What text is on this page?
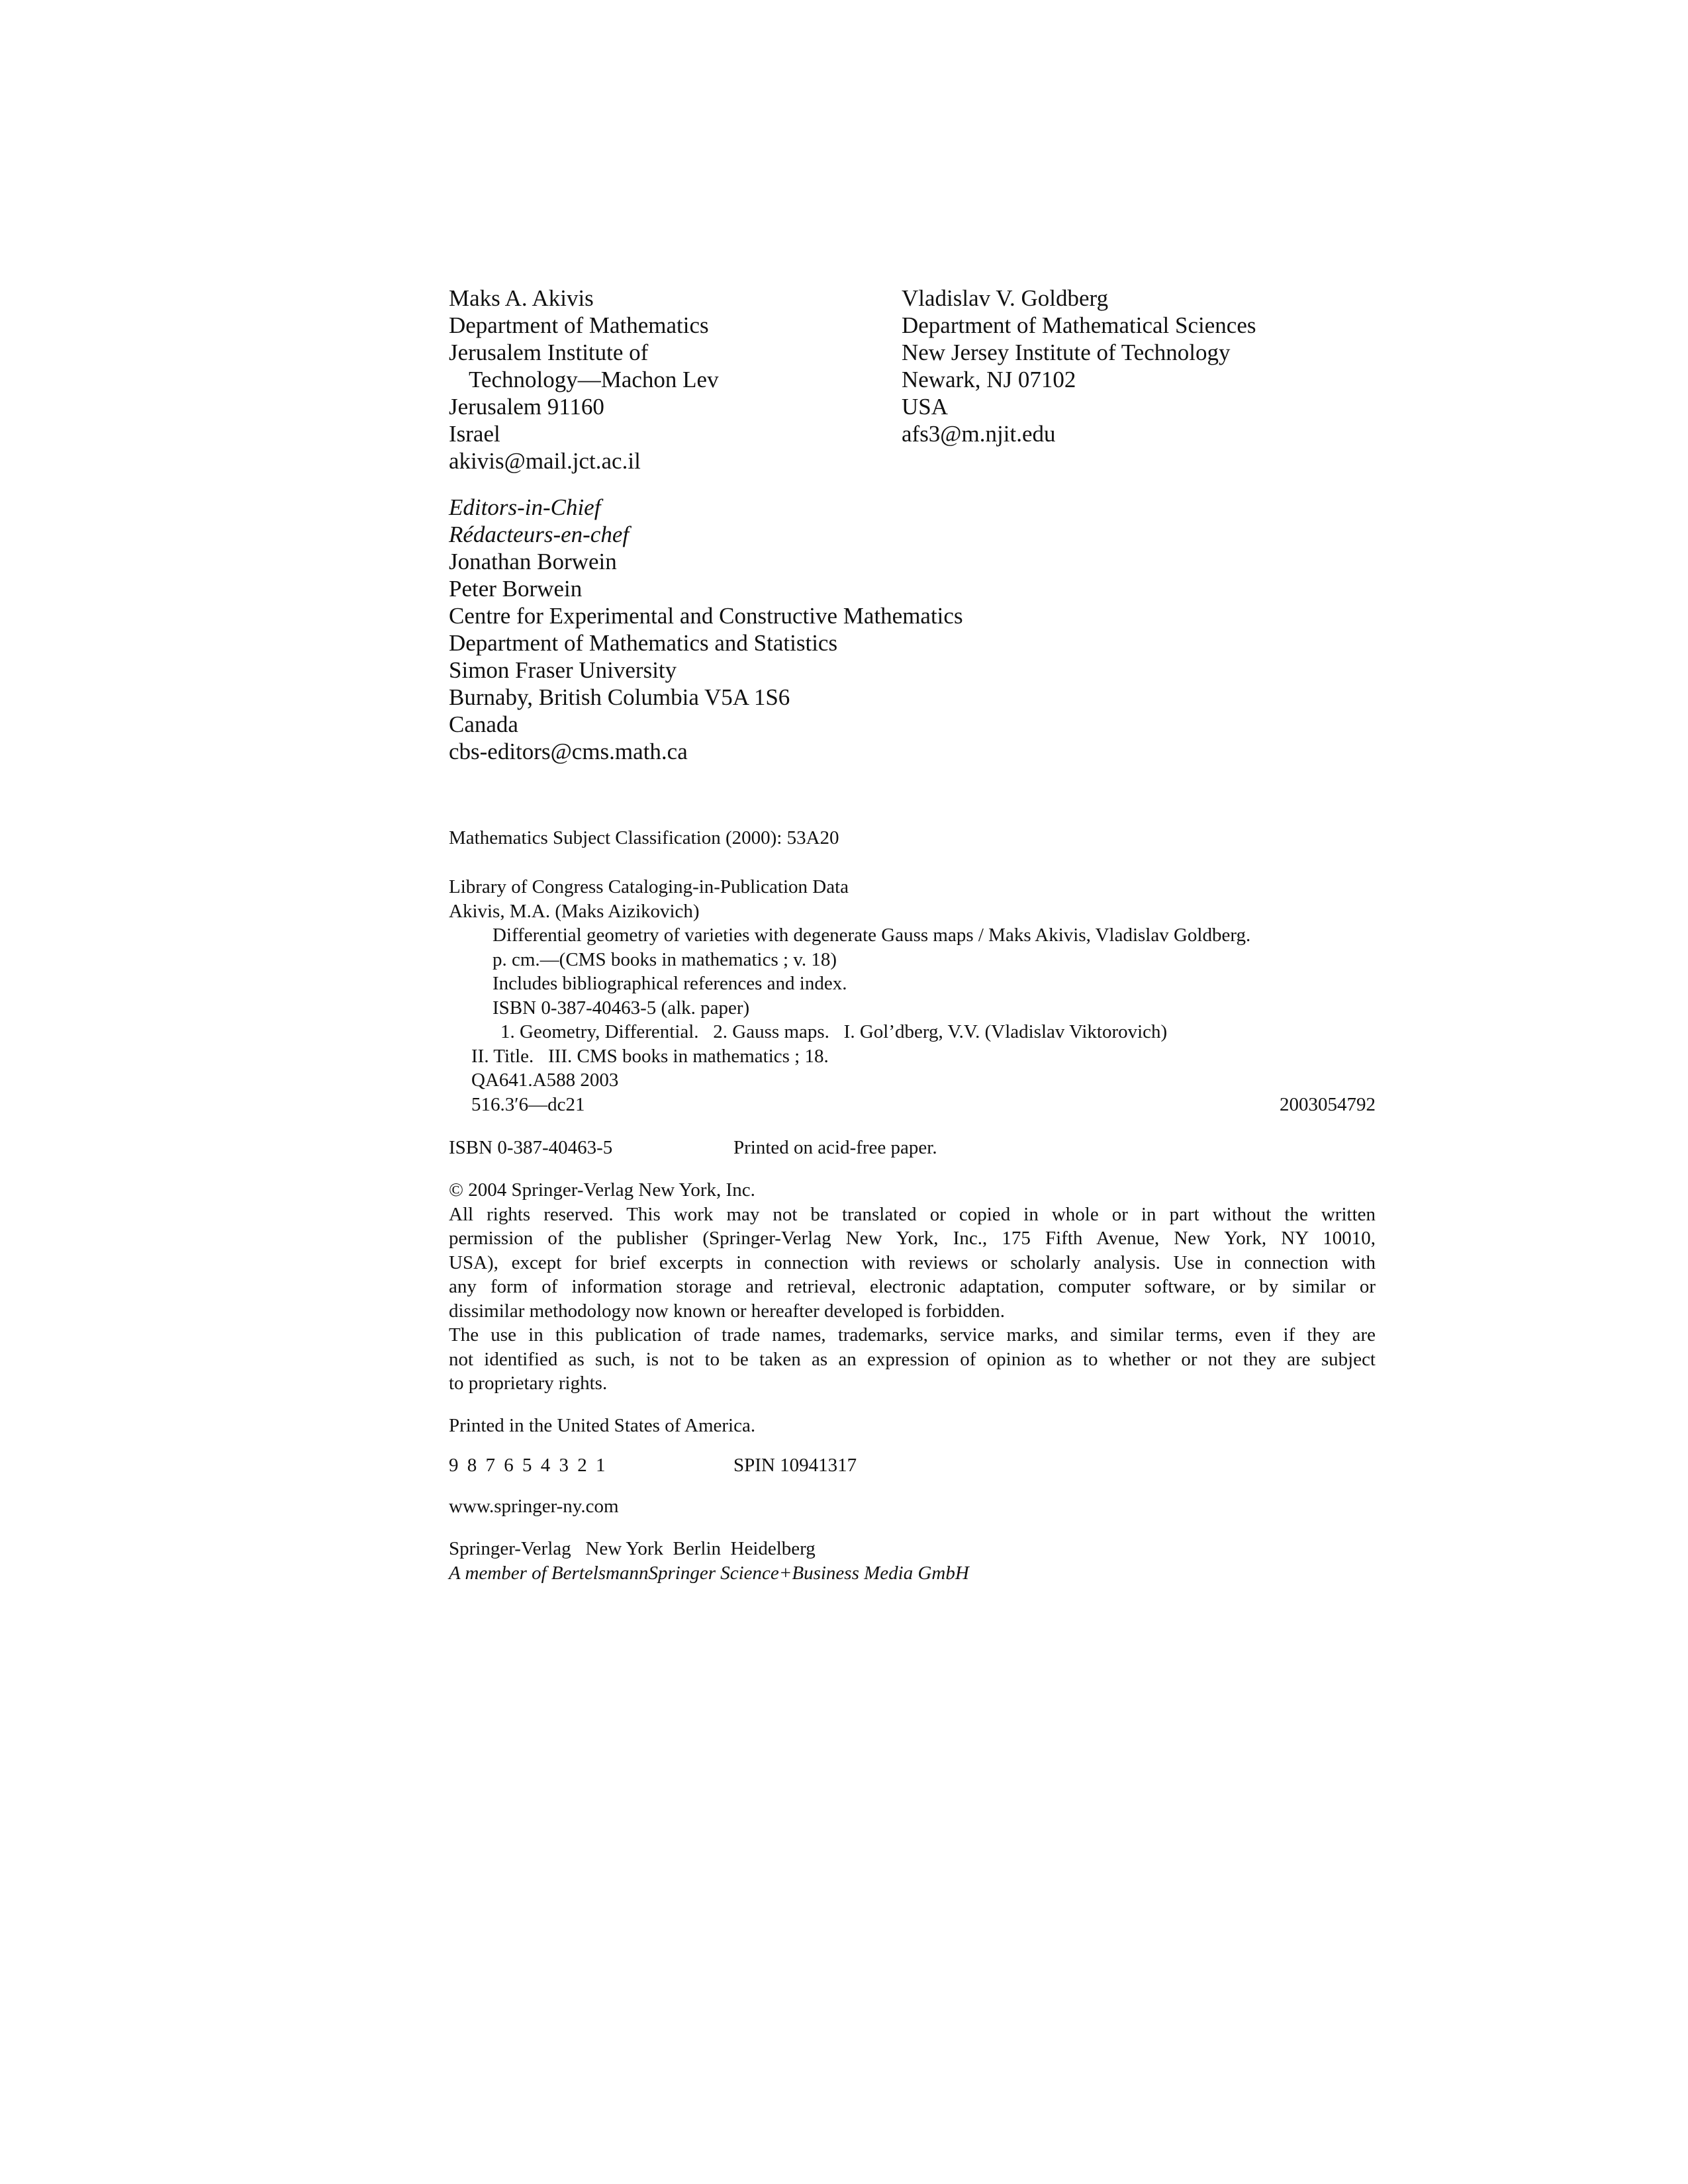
Maks A. Akivis
Department of Mathematics
Jerusalem Institute of
Technology—Machon Lev
Jerusalem 91160
Israel
akivis@mail.jct.ac.il
Vladislav V. Goldberg
Department of Mathematical Sciences
New Jersey Institute of Technology
Newark, NJ 07102
USA
afs3@m.njit.edu
Editors-in-Chief
Rédacteurs-en-chef
Jonathan Borwein
Peter Borwein
Centre for Experimental and Constructive Mathematics
Department of Mathematics and Statistics
Simon Fraser University
Burnaby, British Columbia V5A 1S6
Canada
cbs-editors@cms.math.ca
Mathematics Subject Classification (2000): 53A20
Library of Congress Cataloging-in-Publication Data
Akivis, M.A. (Maks Aizikovich)
Differential geometry of varieties with degenerate Gauss maps / Maks Akivis, Vladislav Goldberg.
p. cm.—(CMS books in mathematics ; v. 18)
Includes bibliographical references and index.
ISBN 0-387-40463-5 (alk. paper)
1. Geometry, Differential.   2. Gauss maps.   I. Gol’dberg, V.V. (Vladislav Viktorovich)
II. Title.   III. CMS books in mathematics ; 18.
QA641.A588 2003
516.3′6—dc21	2003054792
ISBN 0-387-40463-5	Printed on acid-free paper.
© 2004 Springer-Verlag New York, Inc.
All rights reserved. This work may not be translated or copied in whole or in part without the written
permission of the publisher (Springer-Verlag New York, Inc., 175 Fifth Avenue, New York, NY 10010,
USA), except for brief excerpts in connection with reviews or scholarly analysis. Use in connection with
any form of information storage and retrieval, electronic adaptation, computer software, or by similar or
dissimilar methodology now known or hereafter developed is forbidden.
The use in this publication of trade names, trademarks, service marks, and similar terms, even if they are
not identified as such, is not to be taken as an expression of opinion as to whether or not they are subject
to proprietary rights.
Printed in the United States of America.
9 8 7 6 5 4 3 2 1	SPIN 10941317
www.springer-ny.com
Springer-Verlag   New York  Berlin  Heidelberg
A member of BertelsmannSpringer Science+Business Media GmbH
